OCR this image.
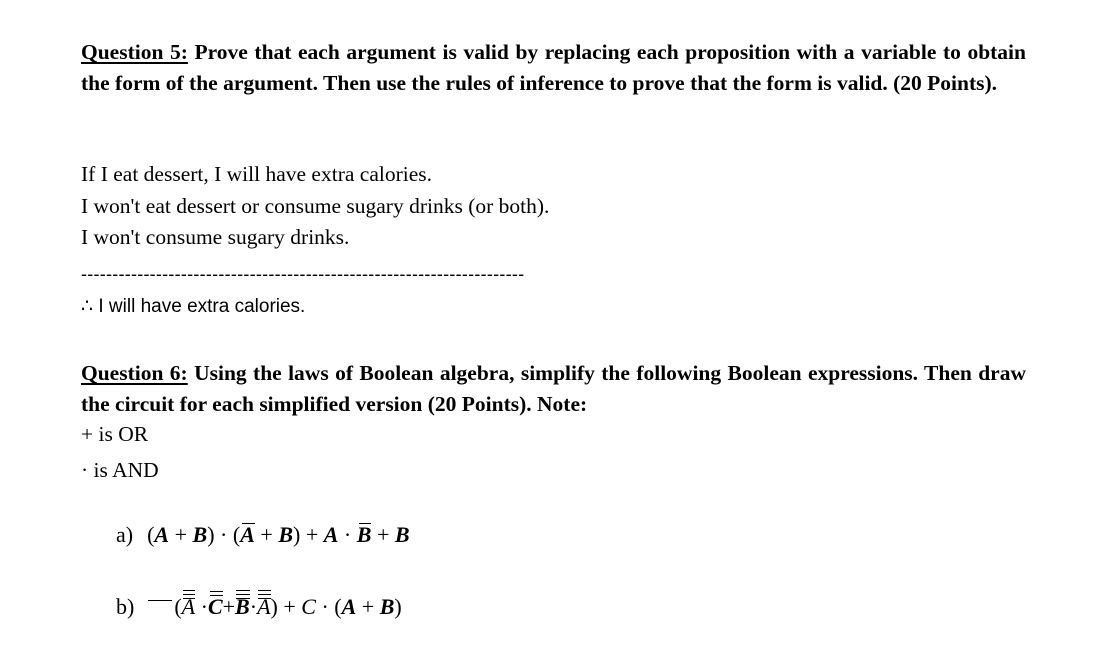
Question 5: Prove that each argument is valid by replacing each proposition with a variable to obtain the form of the argument. Then use the rules of inference to prove that the form is valid. (20 Points).
If I eat dessert, I will have extra calories.
I won't eat dessert or consume sugary drinks (or both).
I won't consume sugary drinks.
-----------------------------------------------------------------------
∴ I will have extra calories.
Question 6: Using the laws of Boolean algebra, simplify the following Boolean expressions. Then draw the circuit for each simplified version (20 Points). Note:
+ is OR
· is AND
a) (A + B) · (A + B) + A · B + B
b) (A
·C+B
·A
) + C · (A + B)
